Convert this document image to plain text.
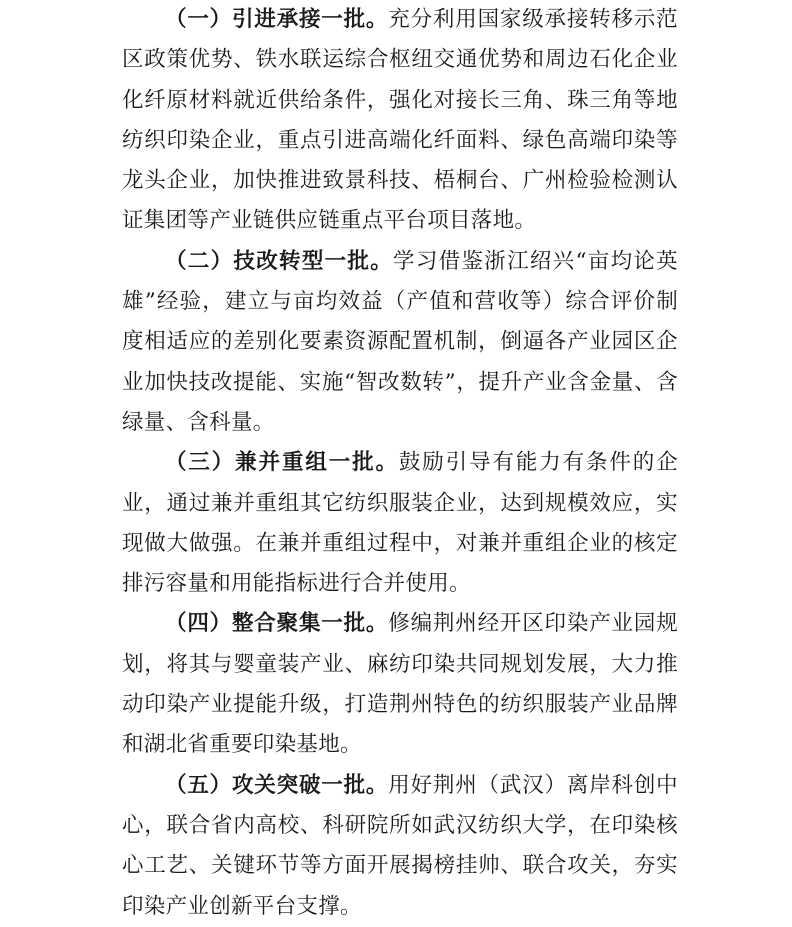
（一）引进承接一批。充分利用国家级承接转移示范区政策优势、铁水联运综合枢纽交通优势和周边石化企业化纤原材料就近供给条件，强化对接长三角、珠三角等地纺织印染企业，重点引进高端化纤面料、绿色高端印染等龙头企业，加快推进致景科技、梧桐台、广州检验检测认证集团等产业链供应链重点平台项目落地。

（二）技改转型一批。学习借鉴浙江绍兴“亩均论英雄”经验，建立与亩均效益（产值和营收等）综合评价制度相适应的差别化要素资源配置机制，倒逼各产业园区企业加快技改提能、实施“智改数转”，提升产业含金量、含绿量、含科量。

（三）兼并重组一批。鼓励引导有能力有条件的企业，通过兼并重组其它纺织服装企业，达到规模效应，实现做大做强。在兼并重组过程中，对兼并重组企业的核定排污容量和用能指标进行合并使用。

（四）整合聚集一批。修编荆州经开区印染产业园规划，将其与婴童装产业、麻纺印染共同规划发展，大力推动印染产业提能升级，打造荆州特色的纺织服装产业品牌和湖北省重要印染基地。

（五）攻关突破一批。用好荆州（武汉）离岸科创中心，联合省内高校、科研院所如武汉纺织大学，在印染核心工艺、关键环节等方面开展揭榜挂帅、联合攻关，夯实印染产业创新平台支撑。
